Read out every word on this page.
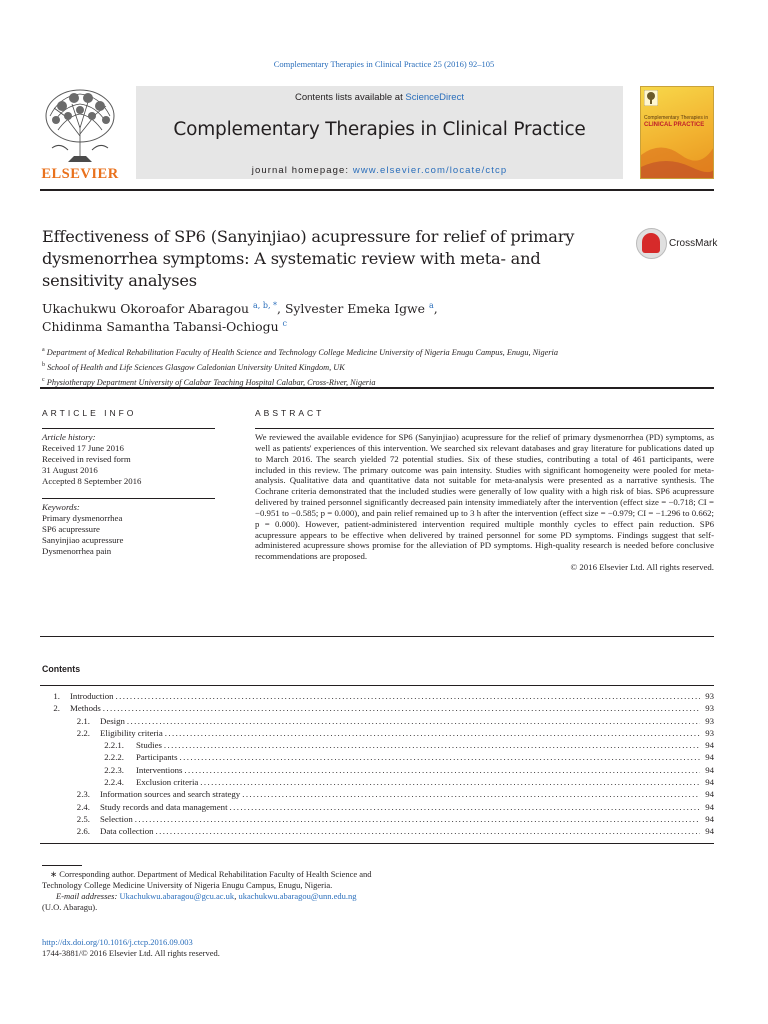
Complementary Therapies in Clinical Practice 25 (2016) 92–105
ELSEVIER
Contents lists available at ScienceDirect
Complementary Therapies in Clinical Practice
journal homepage: www.elsevier.com/locate/ctcp
Complementary Therapies in
CLINICAL PRACTICE
Effectiveness of SP6 (Sanyinjiao) acupressure for relief of primary dysmenorrhea symptoms: A systematic review with meta- and sensitivity analyses
CrossMark
Ukachukwu Okoroafor Abaragou $^{a, b, *}$, Sylvester Emeka Igwe $^a$,
Chidinma Samantha Tabansi-Ochiogu $^c$
$^a$ Department of Medical Rehabilitation Faculty of Health Science and Technology College Medicine University of Nigeria Enugu Campus, Enugu, Nigeria
$^b$ School of Health and Life Sciences Glasgow Caledonian University United Kingdom, UK
$^c$ Physiotherapy Department University of Calabar Teaching Hospital Calabar, Cross-River, Nigeria
ARTICLE INFO	ABSTRACT
Article history:
Received 17 June 2016
Received in revised form
31 August 2016
Accepted 8 September 2016
Keywords:
Primary dysmenorrhea
SP6 acupressure
Sanyinjiao acupressure
Dysmenorrhea pain
We reviewed the available evidence for SP6 (Sanyinjiao) acupressure for the relief of primary dysmenorrhea (PD) symptoms, as well as patients' experiences of this intervention. We searched six relevant databases and gray literature for publications dated up to March 2016. The search yielded 72 potential studies. Six of these studies, contributing a total of 461 participants, were included in this review. The primary outcome was pain intensity. Studies with significant homogeneity were pooled for meta-analysis. Qualitative data and quantitative data not suitable for meta-analysis were presented as a narrative synthesis. The Cochrane criteria demonstrated that the included studies were generally of low quality with a high risk of bias. SP6 acupressure delivered by trained personnel significantly decreased pain intensity immediately after the intervention (effect size = −0.718; CI = −0.951 to −0.585; p = 0.000), and pain relief remained up to 3 h after the intervention (effect size = −0.979; CI = −1.296 to 0.662; p = 0.000). However, patient-administered intervention required multiple monthly cycles to effect pain reduction. SP6 acupressure appears to be effective when delivered by trained personnel for some PD symptoms. Findings suggest that self-administered acupressure shows promise for the alleviation of PD symptoms. High-quality research is needed before conclusive recommendations are proposed.
© 2016 Elsevier Ltd. All rights reserved.
Contents
1.	Introduction .....	93
2.	Methods .....	93
2.1.	Design .....	93
2.2.	Eligibility criteria .....	93
2.2.1.	Studies .....	94
2.2.2.	Participants .....	94
2.2.3.	Interventions .....	94
2.2.4.	Exclusion criteria .....	94
2.3.	Information sources and search strategy .....	94
2.4.	Study records and data management .....	94
2.5.	Selection .....	94
2.6.	Data collection .....	94
∗ Corresponding author. Department of Medical Rehabilitation Faculty of Health Science and Technology College Medicine University of Nigeria Enugu Campus, Enugu, Nigeria.
E-mail addresses: Ukachukwu.abaragou@gcu.ac.uk, ukachukwu.abaragou@unn.edu.ng (U.O. Abaragu).
http://dx.doi.org/10.1016/j.ctcp.2016.09.003
1744-3881/© 2016 Elsevier Ltd. All rights reserved.
